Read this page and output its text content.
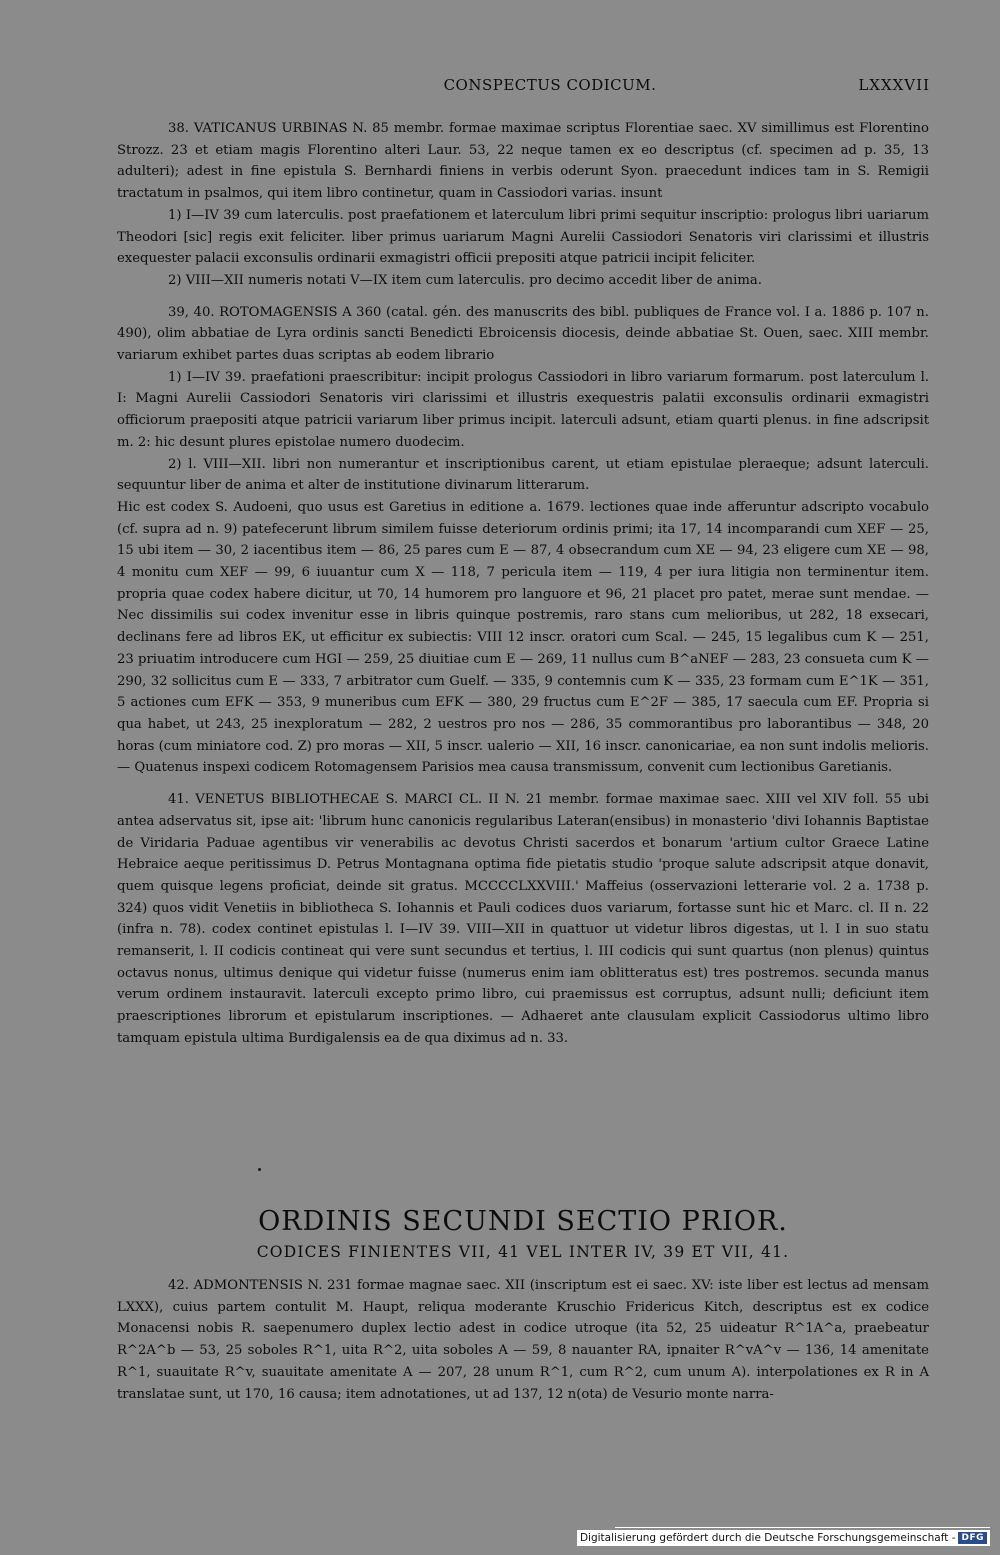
CONSPECTUS CODICUM.	LXXXVII

38. VATICANUS URBINAS N. 85 membr. formae maximae scriptus Florentiae saec. XV simillimus est Florentino Strozz. 23 et etiam magis Florentino alteri Laur. 53, 22 neque tamen ex eo descriptus (cf. specimen ad p. 35, 13 adulteri); adest in fine epistula S. Bernhardi finiens in verbis oderunt Syon. praecedunt indices tam in S. Remigii tractatum in psalmos, qui item libro continetur, quam in Cassiodori varias. insunt

1) I—IV 39 cum laterculis. post praefationem et laterculum libri primi sequitur inscriptio: prologus libri uariarum Theodori [sic] regis exit feliciter. liber primus uariarum Magni Aurelii Cassiodori Senatoris viri clarissimi et illustris exequester palacii exconsulis ordinarii exmagistri officii prepositi atque patricii incipit feliciter.

2) VIII—XII numeris notati V—IX item cum laterculis. pro decimo accedit liber de anima.

39, 40. ROTOMAGENSIS A 360 (catal. gén. des manuscrits des bibl. publiques de France vol. I a. 1886 p. 107 n. 490), olim abbatiae de Lyra ordinis sancti Benedicti Ebroicensis diocesis, deinde abbatiae St. Ouen, saec. XIII membr. variarum exhibet partes duas scriptas ab eodem librario

1) I—IV 39. praefationi praescribitur: incipit prologus Cassiodori in libro variarum formarum. post laterculum l. I: Magni Aurelii Cassiodori Senatoris viri clarissimi et illustris exequestris palatii exconsulis ordinarii exmagistri officiorum praepositi atque patricii variarum liber primus incipit. laterculi adsunt, etiam quarti plenus. in fine adscripsit m. 2: hic desunt plures epistolae numero duodecim.

2) l. VIII—XII. libri non numerantur et inscriptionibus carent, ut etiam epistulae pleraeque; adsunt laterculi. sequuntur liber de anima et alter de institutione divinarum litterarum.

Hic est codex S. Audoeni, quo usus est Garetius in editione a. 1679. lectiones quae inde afferuntur adscripto vocabulo (cf. supra ad n. 9) patefecerunt librum similem fuisse deteriorum ordinis primi; ita 17, 14 incomparandi cum XEF — 25, 15 ubi item — 30, 2 iacentibus item — 86, 25 pares cum E — 87, 4 obsecrandum cum XE — 94, 23 eligere cum XE — 98, 4 monitu cum XEF — 99, 6 iuuantur cum X — 118, 7 pericula item — 119, 4 per iura litigia non terminentur item. propria quae codex habere dicitur, ut 70, 14 humorem pro languore et 96, 21 placet pro patet, merae sunt mendae. — Nec dissimilis sui codex invenitur esse in libris quinque postremis, raro stans cum melioribus, ut 282, 18 exsecari, declinans fere ad libros EK, ut efficitur ex subiectis: VIII 12 inscr. oratori cum Scal. — 245, 15 legalibus cum K — 251, 23 priuatim introducere cum HGI — 259, 25 diuitiae cum E — 269, 11 nullus cum B^aNEF — 283, 23 consueta cum K — 290, 32 sollicitus cum E — 333, 7 arbitrator cum Guelf. — 335, 9 contemnis cum K — 335, 23 formam cum E^1K — 351, 5 actiones cum EFK — 353, 9 muneribus cum EFK — 380, 29 fructus cum E^2F — 385, 17 saecula cum EF. Propria si qua habet, ut 243, 25 inexploratum — 282, 2 uestros pro nos — 286, 35 commorantibus pro laborantibus — 348, 20 horas (cum miniatore cod. Z) pro moras — XII, 5 inscr. ualerio — XII, 16 inscr. canonicariae, ea non sunt indolis melioris. — Quatenus inspexi codicem Rotomagensem Parisios mea causa transmissum, convenit cum lectionibus Garetianis.

41. VENETUS BIBLIOTHECAE S. MARCI CL. II N. 21 membr. formae maximae saec. XIII vel XIV foll. 55 ubi antea adservatus sit, ipse ait: 'librum hunc canonicis regularibus Lateran(ensibus) in monasterio 'divi Iohannis Baptistae de Viridaria Paduae agentibus vir venerabilis ac devotus Christi sacerdos et bonarum 'artium cultor Graece Latine Hebraice aeque peritissimus D. Petrus Montagnana optima fide pietatis studio 'proque salute adscripsit atque donavit, quem quisque legens proficiat, deinde sit gratus. MCCCCLXXVIII.' Maffeius (osservazioni letterarie vol. 2 a. 1738 p. 324) quos vidit Venetiis in bibliotheca S. Iohannis et Pauli codices duos variarum, fortasse sunt hic et Marc. cl. II n. 22 (infra n. 78). codex continet epistulas l. I—IV 39. VIII—XII in quattuor ut videtur libros digestas, ut l. I in suo statu remanserit, l. II codicis contineat qui vere sunt secundus et tertius, l. III codicis qui sunt quartus (non plenus) quintus octavus nonus, ultimus denique qui videtur fuisse (numerus enim iam oblitteratus est) tres postremos. secunda manus verum ordinem instauravit. laterculi excepto primo libro, cui praemissus est corruptus, adsunt nulli; deficiunt item praescriptiones librorum et epistularum inscriptiones. — Adhaeret ante clausulam explicit Cassiodorus ultimo libro tamquam epistula ultima Burdigalensis ea de qua diximus ad n. 33.

ORDINIS SECUNDI SECTIO PRIOR.
CODICES FINIENTES VII, 41 VEL INTER IV, 39 ET VII, 41.

42. ADMONTENSIS N. 231 formae magnae saec. XII (inscriptum est ei saec. XV: iste liber est lectus ad mensam LXXX), cuius partem contulit M. Haupt, reliqua moderante Kruschio Fridericus Kitch, descriptus est ex codice Monacensi nobis R. saepenumero duplex lectio adest in codice utroque (ita 52, 25 uideatur R^1A^a, praebeatur R^2A^b — 53, 25 soboles R^1, uita R^2, uita soboles A — 59, 8 nauanter RA, ipnaiter R^vA^v — 136, 14 amenitate R^1, suauitate R^v, suauitate amenitate A — 207, 28 unum R^1, cum R^2, cum unum A). interpolationes ex R in A translatae sunt, ut 170, 16 causa; item adnotationes, ut ad 137, 12 n(ota) de Vesurio monte narra-

Digitalisierung gefördert durch die Deutsche Forschungsgemeinschaft - DFG
